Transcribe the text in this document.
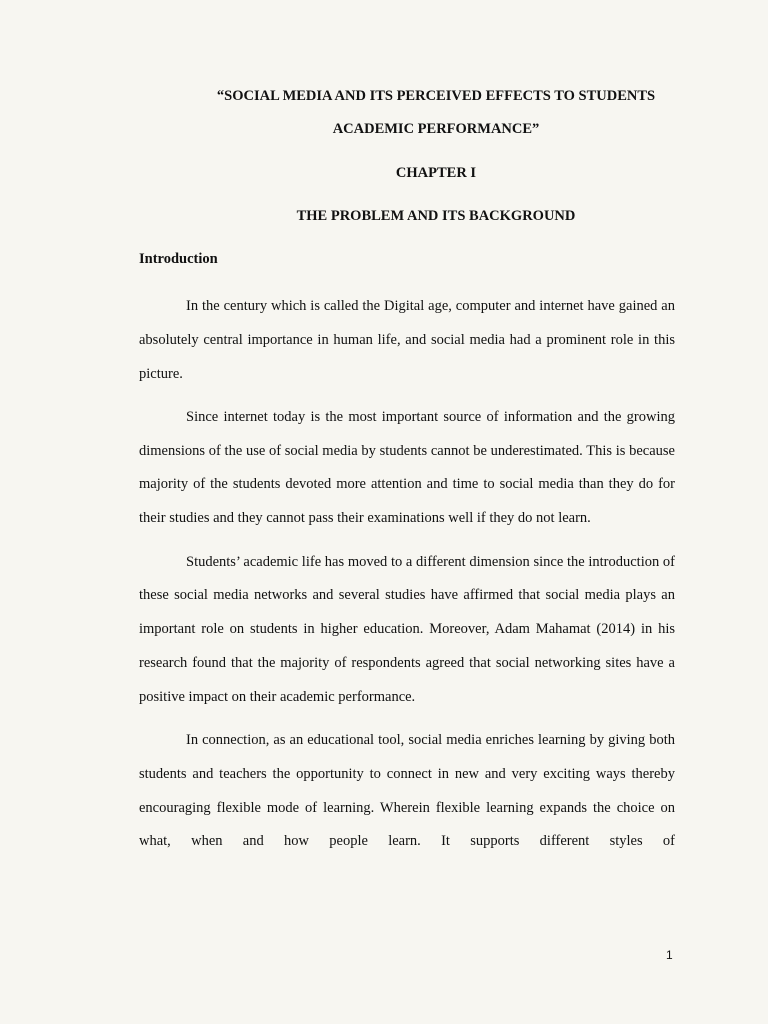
“SOCIAL MEDIA AND ITS PERCEIVED EFFECTS TO STUDENTS
ACADEMIC PERFORMANCE”
CHAPTER I
THE PROBLEM AND ITS BACKGROUND
Introduction

In the century which is called the Digital age, computer and internet have gained an absolutely central importance in human life, and social media had a prominent role in this picture.

Since internet today is the most important source of information and the growing dimensions of the use of social media by students cannot be underestimated. This is because majority of the students devoted more attention and time to social media than they do for their studies and they cannot pass their examinations well if they do not learn.

Students’ academic life has moved to a different dimension since the introduction of these social media networks and several studies have affirmed that social media plays an important role on students in higher education. Moreover, Adam Mahamat (2014) in his research found that the majority of respondents agreed that social networking sites have a positive impact on their academic performance.

In connection, as an educational tool, social media enriches learning by giving both students and teachers the opportunity to connect in new and very exciting ways thereby encouraging flexible mode of learning. Wherein flexible learning expands the choice on what, when and how people learn. It supports different styles of

1
